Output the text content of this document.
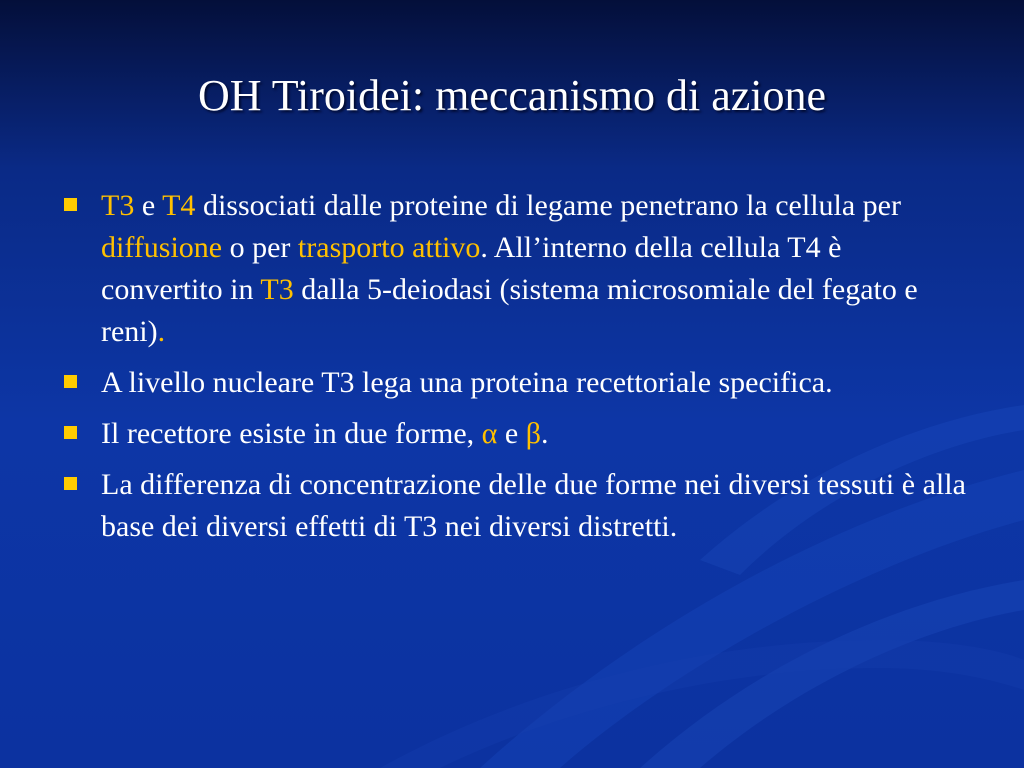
OH Tiroidei: meccanismo di azione
T3 e T4 dissociati dalle proteine di legame penetrano la cellula per diffusione o per trasporto attivo. All’interno della cellula T4 è convertito in T3 dalla 5-deiodasi (sistema microsomiale del fegato e reni).
A livello nucleare T3 lega una proteina recettoriale specifica.
Il recettore esiste in due forme, α e β.
La differenza di concentrazione delle due forme nei diversi tessuti è alla base dei diversi effetti di T3 nei diversi distretti.
